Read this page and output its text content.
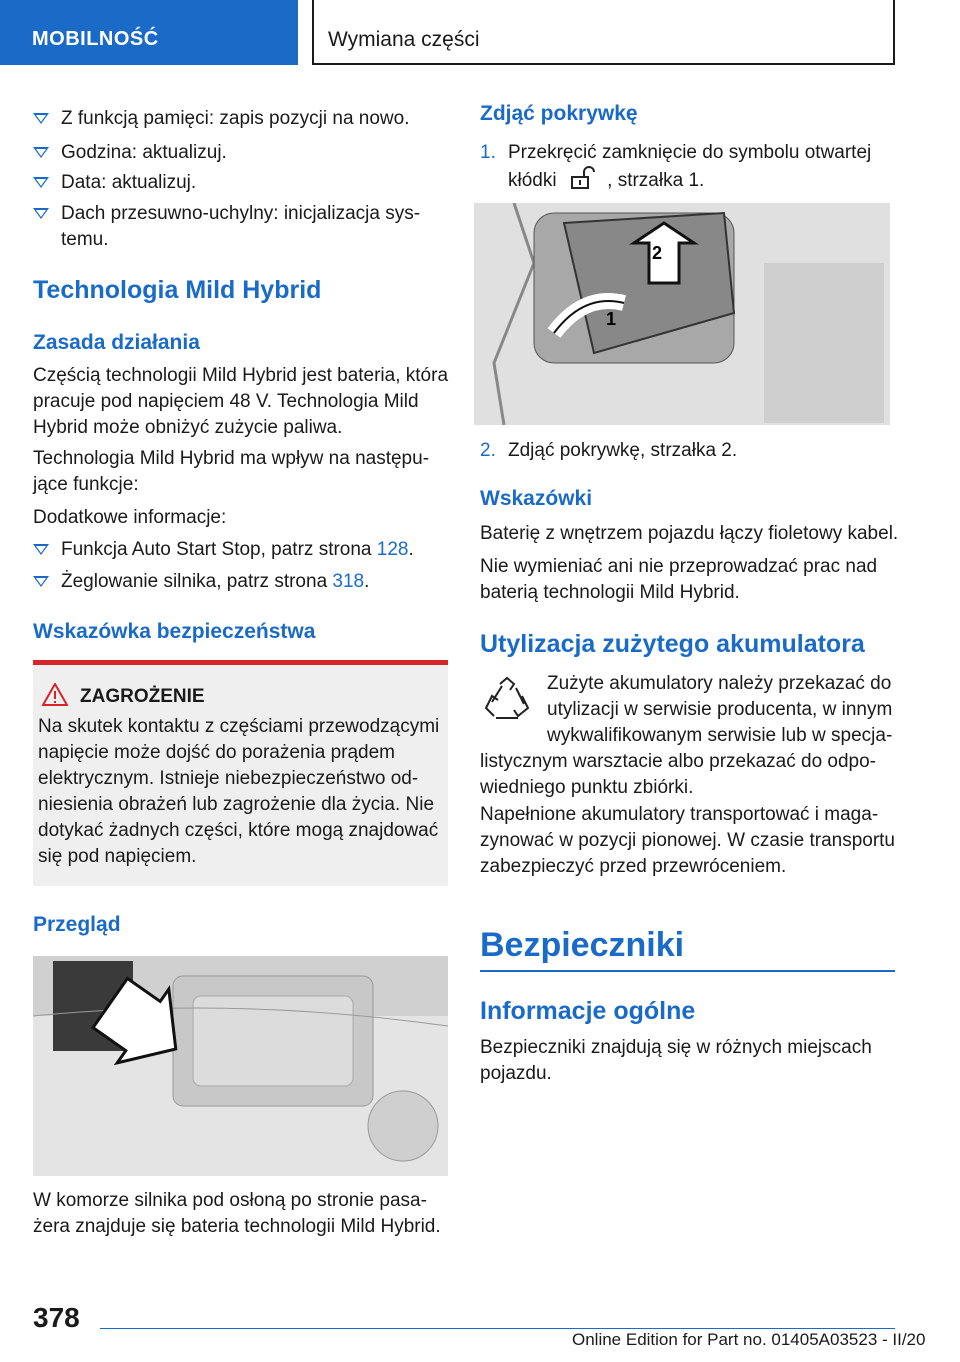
MOBILNOŚĆ	Wymiana części
Z funkcją pamięci: zapis pozycji na nowo.
Godzina: aktualizuj.
Data: aktualizuj.
Dach przesuwno-uchylny: inicjalizacja sys-
temu.
Technologia Mild Hybrid
Zasada działania
Częścią technologii Mild Hybrid jest bateria, która
pracuje pod napięciem 48 V. Technologia Mild
Hybrid może obniżyć zużycie paliwa.
Technologia Mild Hybrid ma wpływ na następu-
jące funkcje:
Dodatkowe informacje:
Funkcja Auto Start Stop, patrz strona 128.
Żeglowanie silnika, patrz strona 318.
Wskazówka bezpieczeństwa
ZAGROŻENIE
Na skutek kontaktu z częściami przewodzącymi
napięcie może dojść do porażenia prądem
elektrycznym. Istnieje niebezpieczeństwo od-
niesienia obrażeń lub zagrożenie dla życia. Nie
dotykać żadnych części, które mogą znajdować
się pod napięciem.
Przegląd
W komorze silnika pod osłoną po stronie pasa-
żera znajduje się bateria technologii Mild Hybrid.
Zdjąć pokrywkę
1. Przekręcić zamknięcie do symbolu otwartej
kłódki	, strzałka 1.
2
1
2. Zdjąć pokrywkę, strzałka 2.
Wskazówki
Baterię z wnętrzem pojazdu łączy fioletowy kabel.
Nie wymieniać ani nie przeprowadzać prac nad
baterią technologii Mild Hybrid.
Utylizacja zużytego akumulatora
Zużyte akumulatory należy przekazać do
utylizacji w serwisie producenta, w innym
wykwalifikowanym serwisie lub w specja-
listycznym warsztacie albo przekazać do odpo-
wiedniego punktu zbiórki.
Napełnione akumulatory transportować i maga-
zynować w pozycji pionowej. W czasie transportu
zabezpieczyć przed przewróceniem.
Bezpieczniki
Informacje ogólne
Bezpieczniki znajdują się w różnych miejscach
pojazdu.
378
Online Edition for Part no. 01405A03523 - II/20
